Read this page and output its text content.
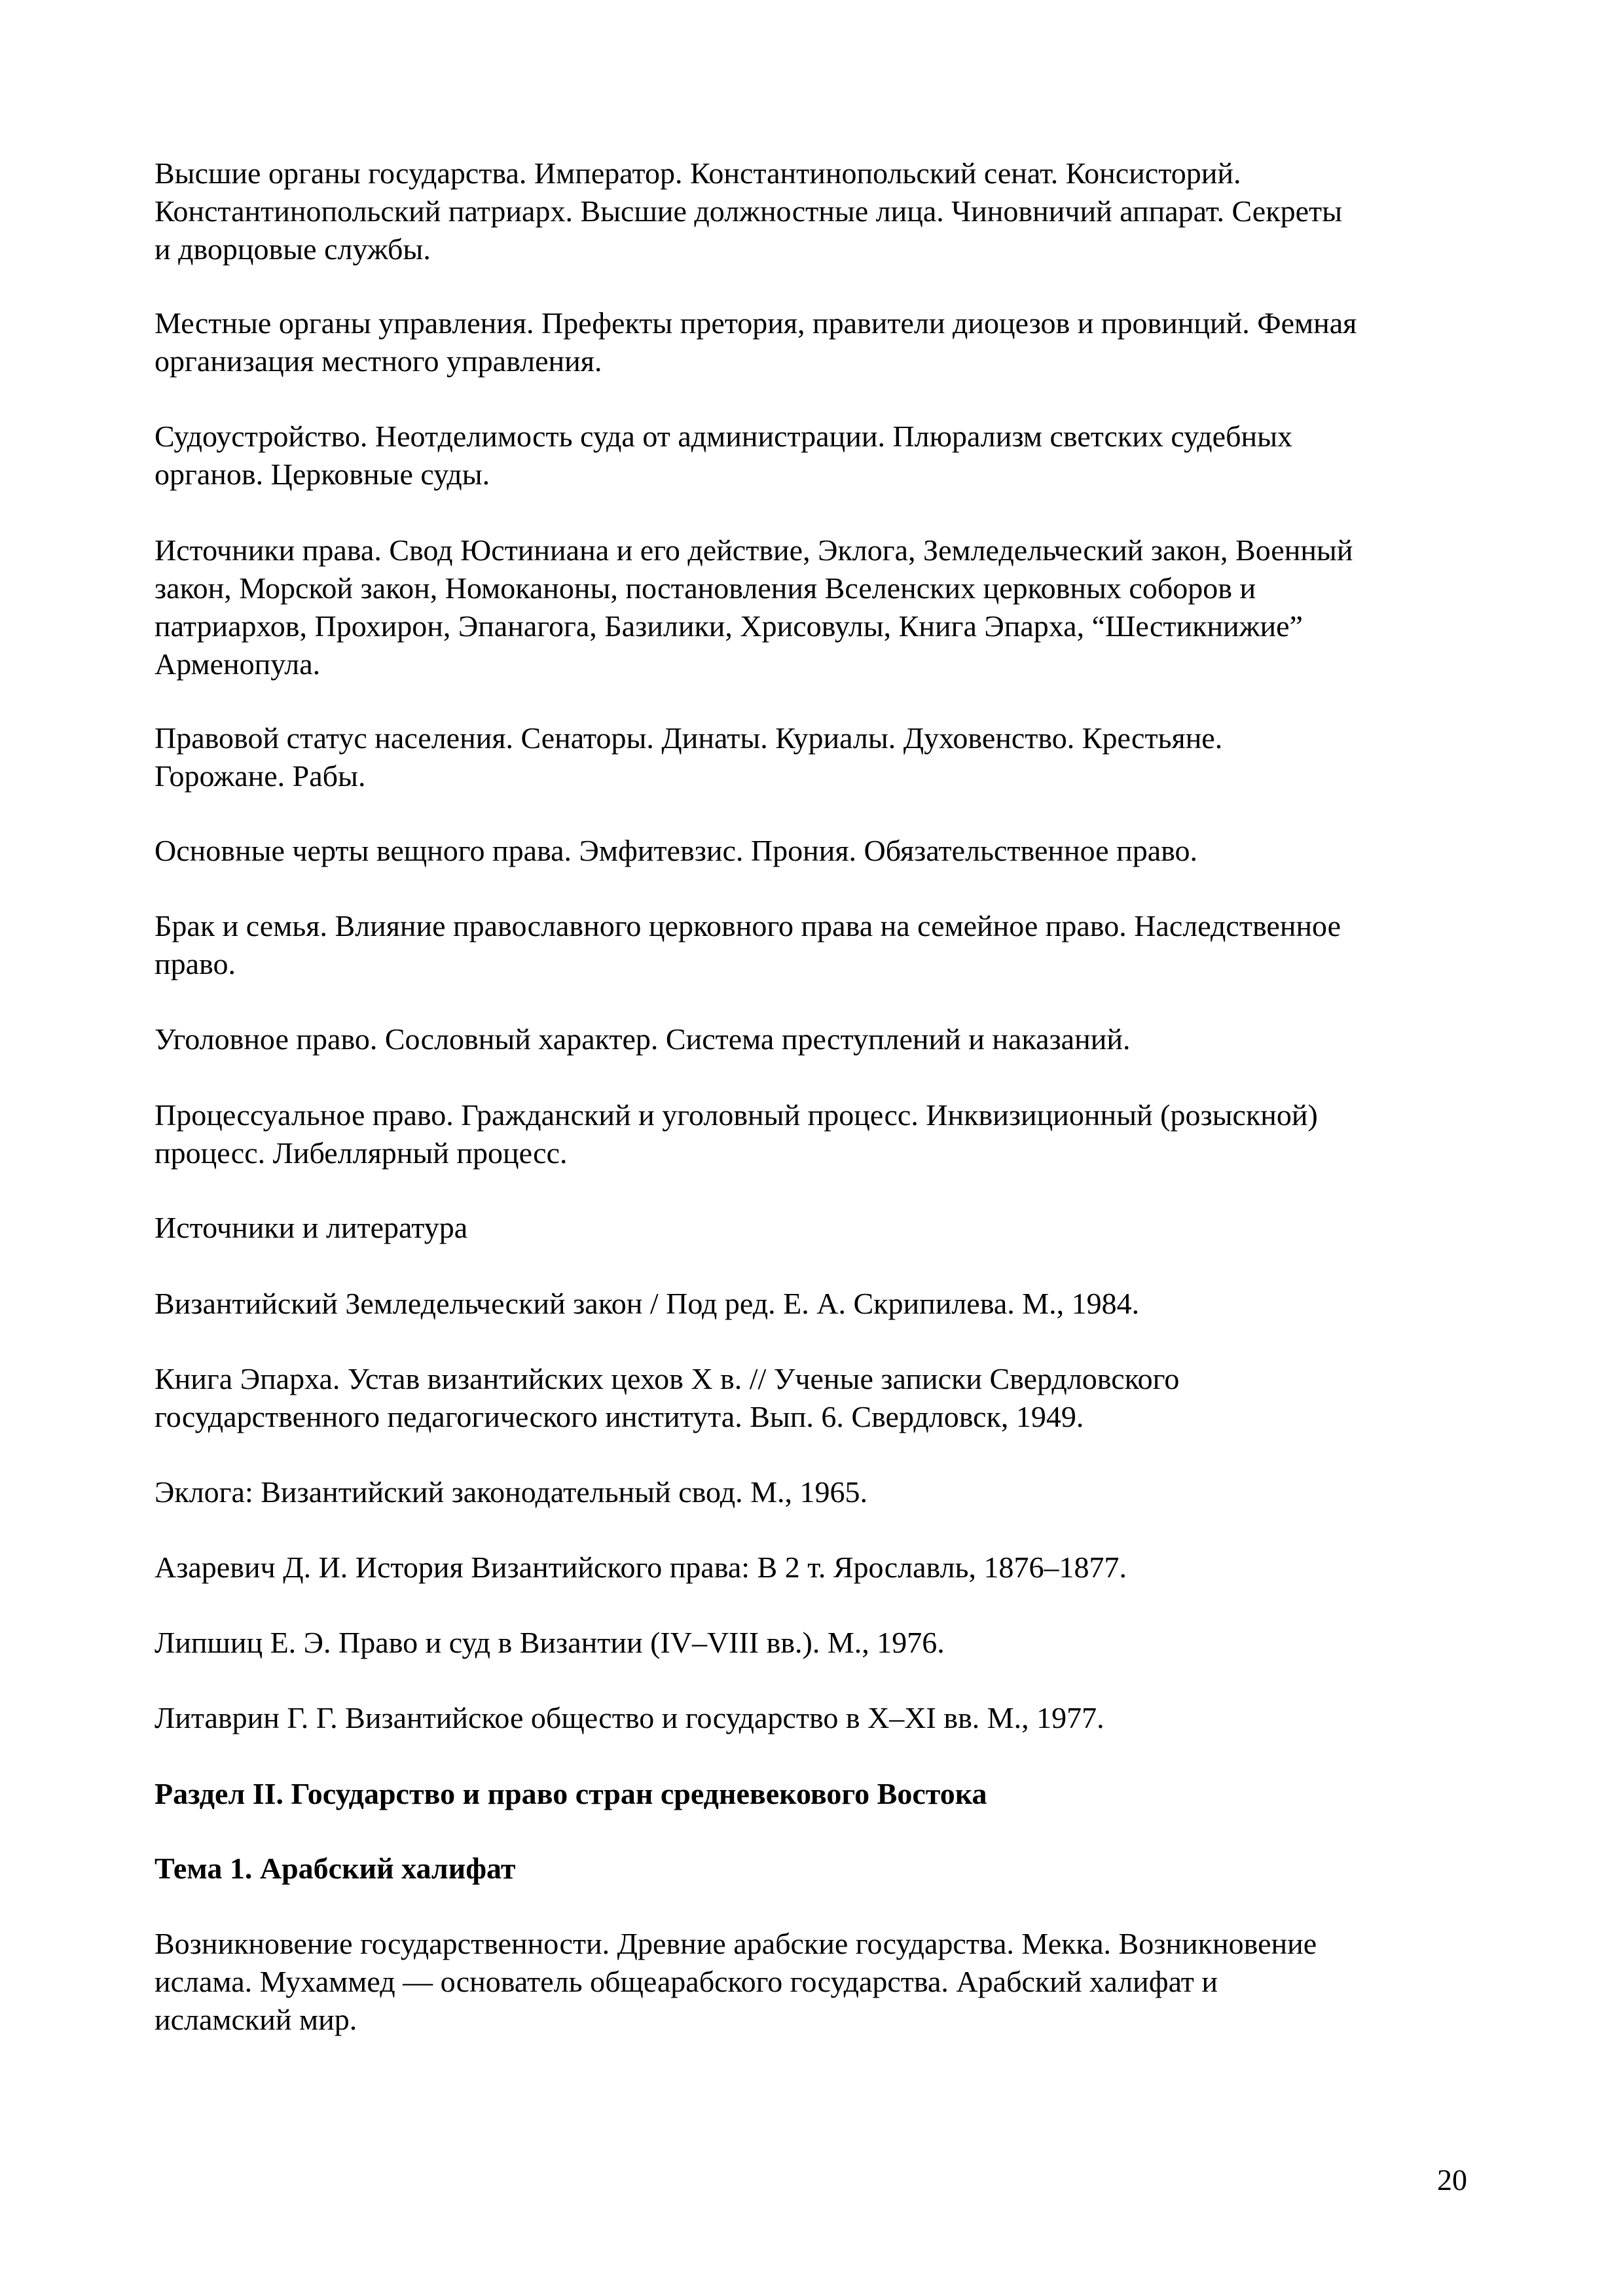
Высшие органы государства. Император. Константинопольский сенат. Консисторий.
Константинопольский патриарх. Высшие должностные лица. Чиновничий аппарат. Секреты
и дворцовые службы.

Местные органы управления. Префекты претория, правители диоцезов и провинций. Фемная
организация местного управления.

Судоустройство. Неотделимость суда от администрации. Плюрализм светских судебных
органов. Церковные суды.

Источники права. Свод Юстиниана и его действие, Эклога, Земледельческий закон, Военный
закон, Морской закон, Номоканоны, постановления Вселенских церковных соборов и
патриархов, Прохирон, Эпанагога, Базилики, Хрисовулы, Книга Эпарха, “Шестикнижие”
Арменопула.

Правовой статус населения. Сенаторы. Динаты. Куриалы. Духовенство. Крестьяне.
Горожане. Рабы.

Основные черты вещного права. Эмфитевзис. Прония. Обязательственное право.

Брак и семья. Влияние православного церковного права на семейное право. Наследственное
право.

Уголовное право. Сословный характер. Система преступлений и наказаний.

Процессуальное право. Гражданский и уголовный процесс. Инквизиционный (розыскной)
процесс. Либеллярный процесс.

Источники и литература

Византийский Земледельческий закон / Под ред. Е. А. Скрипилева. М., 1984.

Книга Эпарха. Устав византийских цехов X в. // Ученые записки Свердловского
государственного педагогического института. Вып. 6. Свердловск, 1949.

Эклога: Византийский законодательный свод. М., 1965.

Азаревич Д. И. История Византийского права: В 2 т. Ярославль, 1876–1877.

Липшиц Е. Э. Право и суд в Византии (IV–VIII вв.). М., 1976.

Литаврин Г. Г. Византийское общество и государство в X–XI вв. М., 1977.

Раздел II. Государство и право стран средневекового Востока

Тема 1. Арабский халифат

Возникновение государственности. Древние арабские государства. Мекка. Возникновение
ислама. Мухаммед — основатель общеарабского государства. Арабский халифат и
исламский мир.

20
